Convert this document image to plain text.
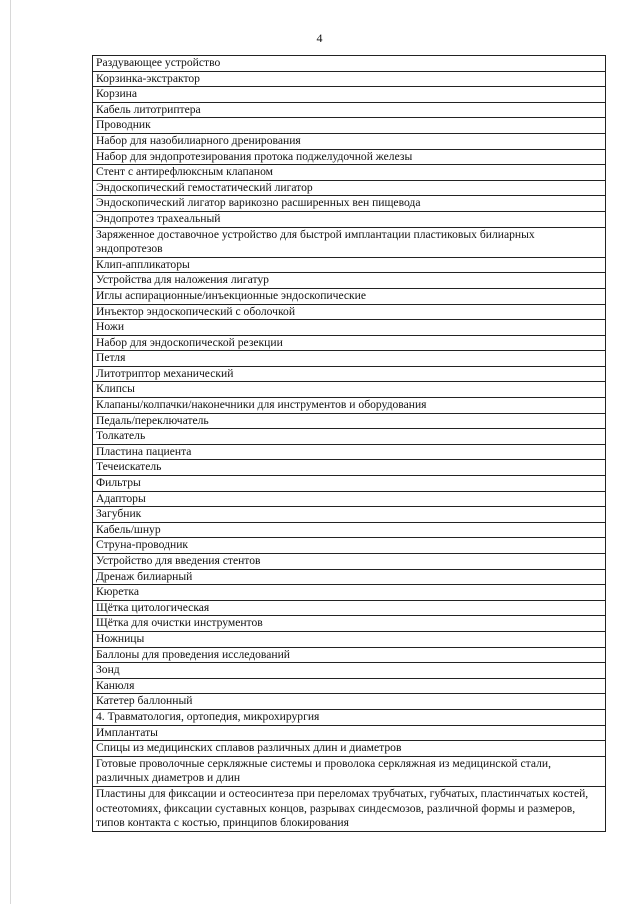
4
Раздувающее устройство
Корзинка-экстрактор
Корзина
Кабель литотриптера
Проводник
Набор для назобилиарного дренирования
Набор для эндопротезирования протока поджелудочной железы
Стент с антирефлюксным клапаном
Эндоскопический гемостатический лигатор
Эндоскопический лигатор варикозно расширенных вен пищевода
Эндопротез трахеальный
Заряженное доставочное устройство для быстрой имплантации пластиковых билиарных эндопротезов
Клип-аппликаторы
Устройства для наложения лигатур
Иглы аспирационные/инъекционные эндоскопические
Инъектор эндоскопический с оболочкой
Ножи
Набор для эндоскопической резекции
Петля
Литотриптор механический
Клипсы
Клапаны/колпачки/наконечники для инструментов и оборудования
Педаль/переключатель
Толкатель
Пластина пациента
Течеискатель
Фильтры
Адапторы
Загубник
Кабель/шнур
Струна-проводник
Устройство для введения стентов
Дренаж билиарный
Кюретка
Щётка цитологическая
Щётка для очистки инструментов
Ножницы
Баллоны для проведения исследований
Зонд
Канюля
Катетер баллонный
4. Травматология, ортопедия, микрохирургия
Имплантаты
Спицы из медицинских сплавов различных длин и диаметров
Готовые проволочные серкляжные системы и проволока серкляжная из медицинской стали, различных диаметров и длин
Пластины для фиксации и остеосинтеза при переломах трубчатых, губчатых, пластинчатых костей, остеотомиях, фиксации суставных концов, разрывах синдесмозов, различной формы и размеров, типов контакта с костью, принципов блокирования
